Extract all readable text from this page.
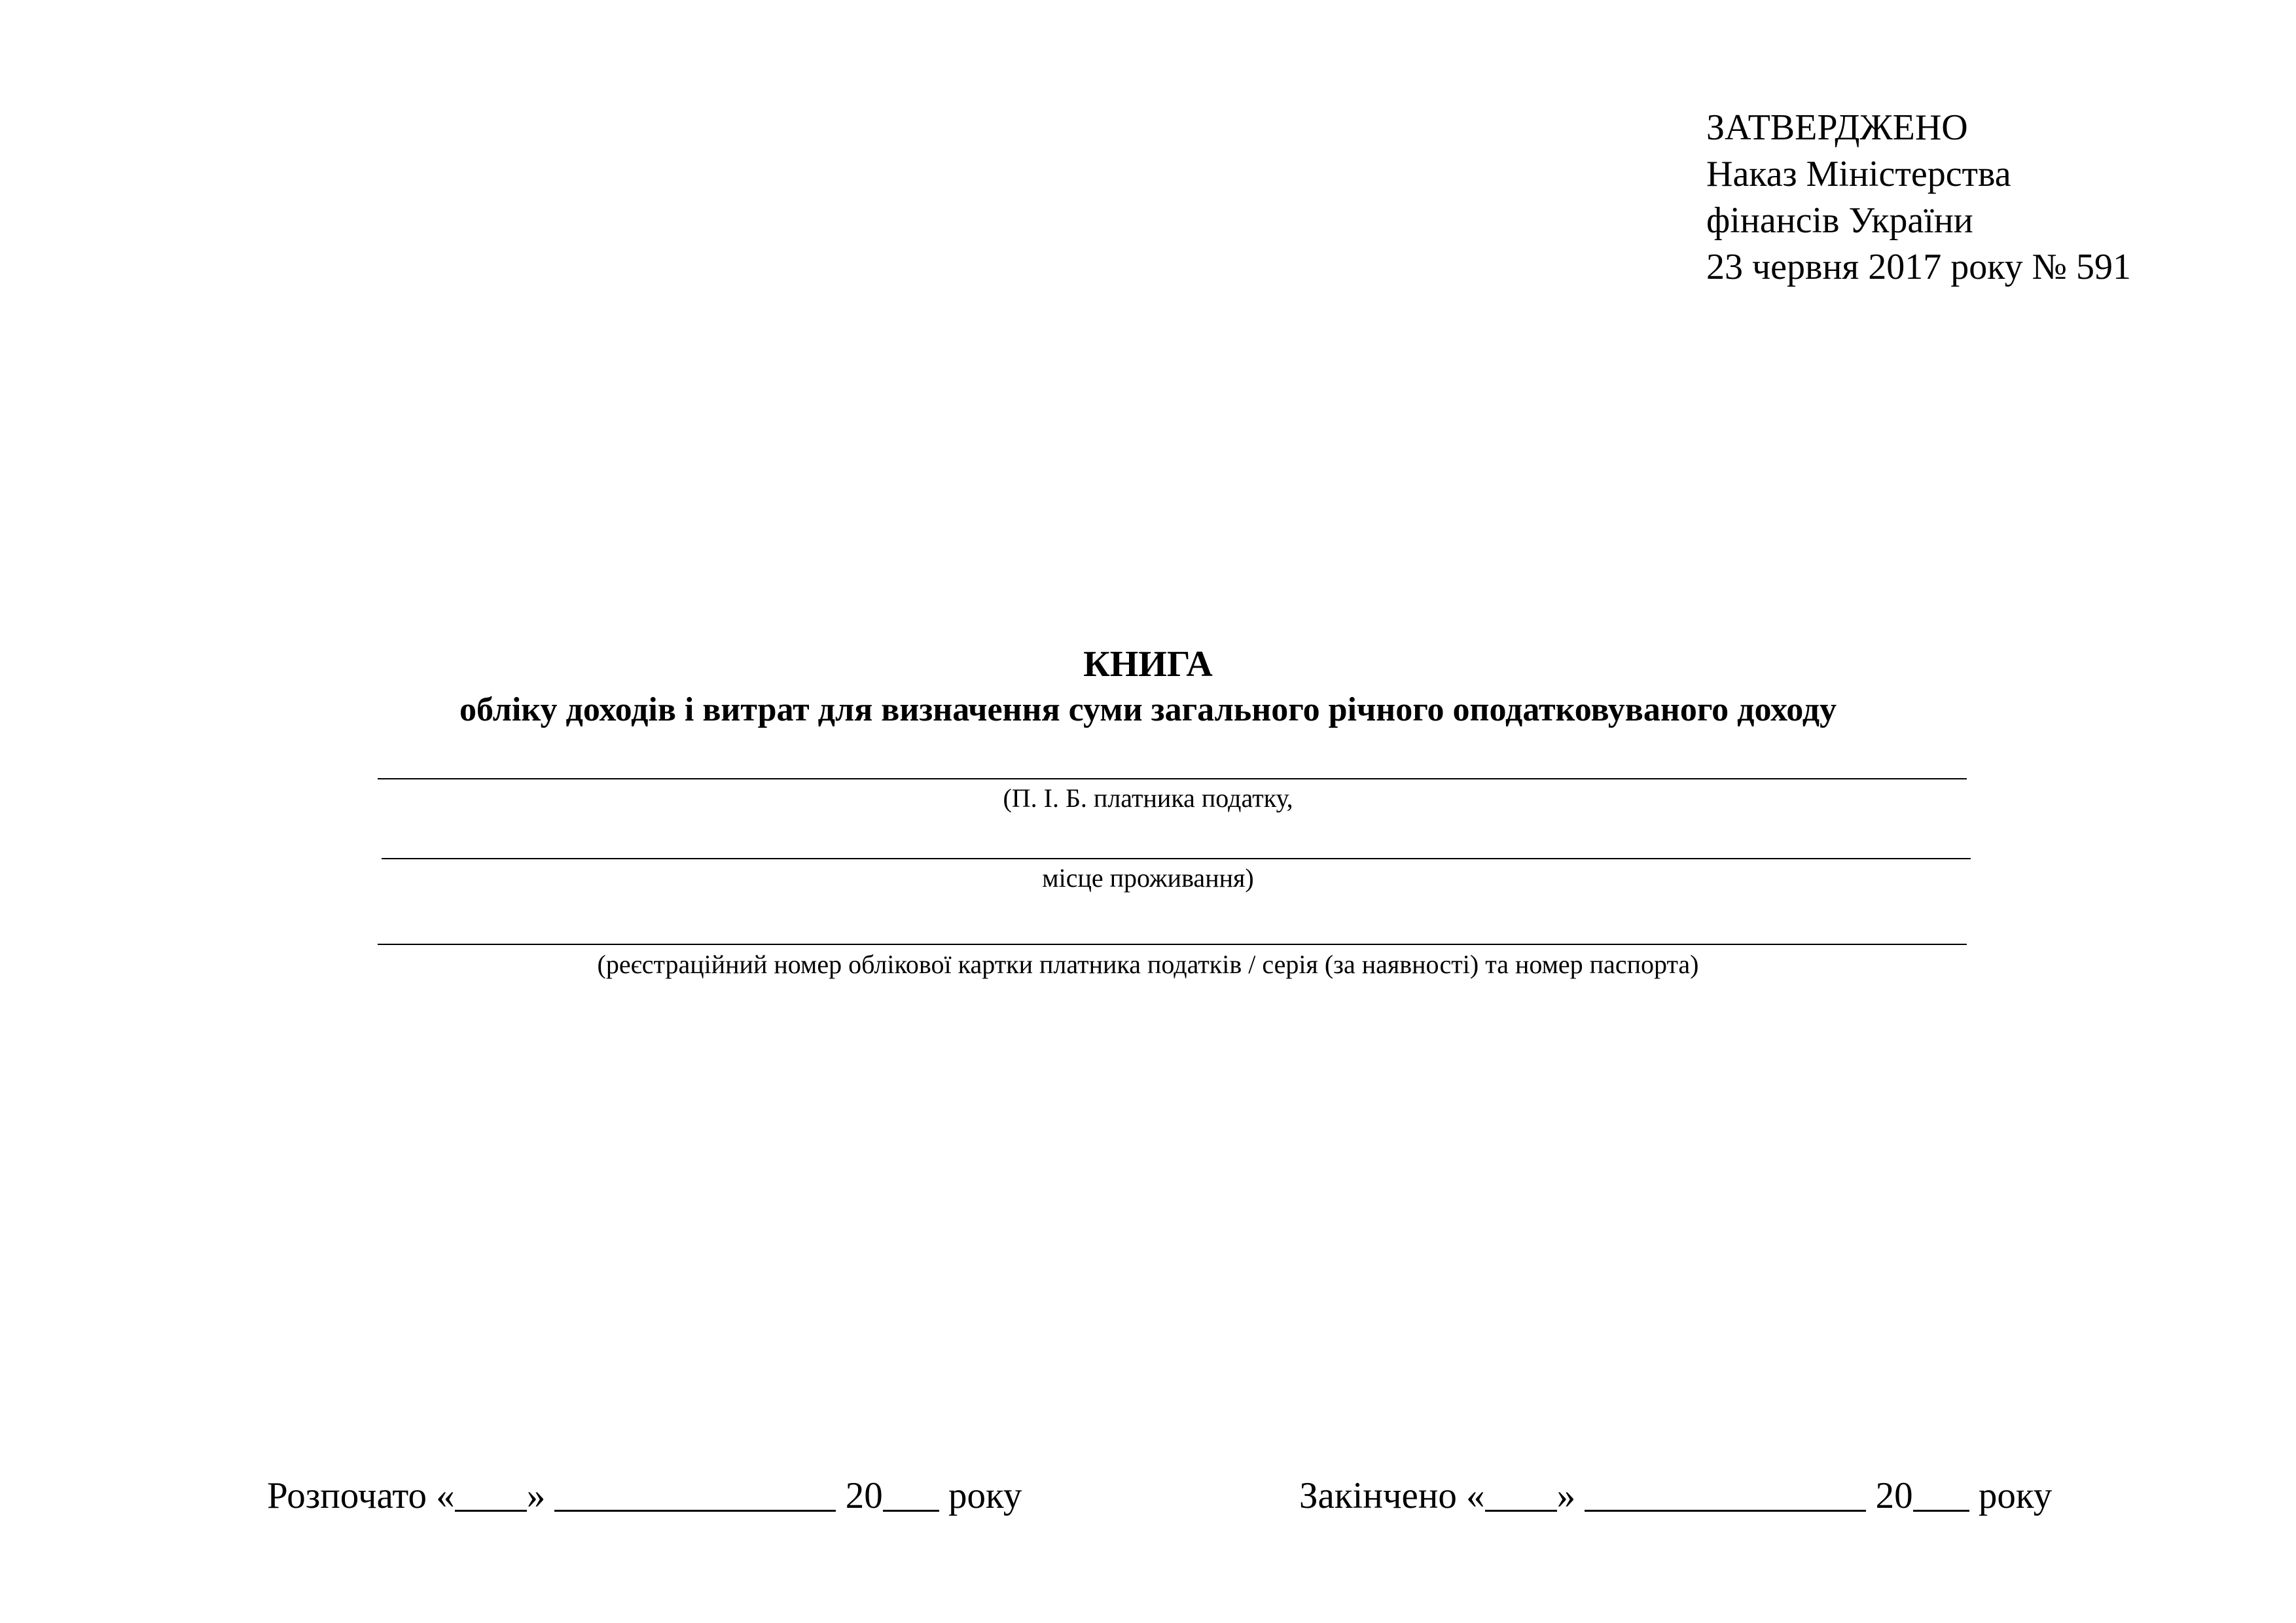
ЗАТВЕРДЖЕНО
Наказ Міністерства
фінансів України
23 червня 2017 року № 591
КНИГА
обліку доходів і витрат для визначення суми загального річного оподатковуваного доходу
(П. І. Б. платника податку,
місце проживання)
(реєстраційний номер облікової картки платника податків / серія (за наявності) та номер паспорта)
Розпочато « »	20 року	Закінчено « »	20 року
